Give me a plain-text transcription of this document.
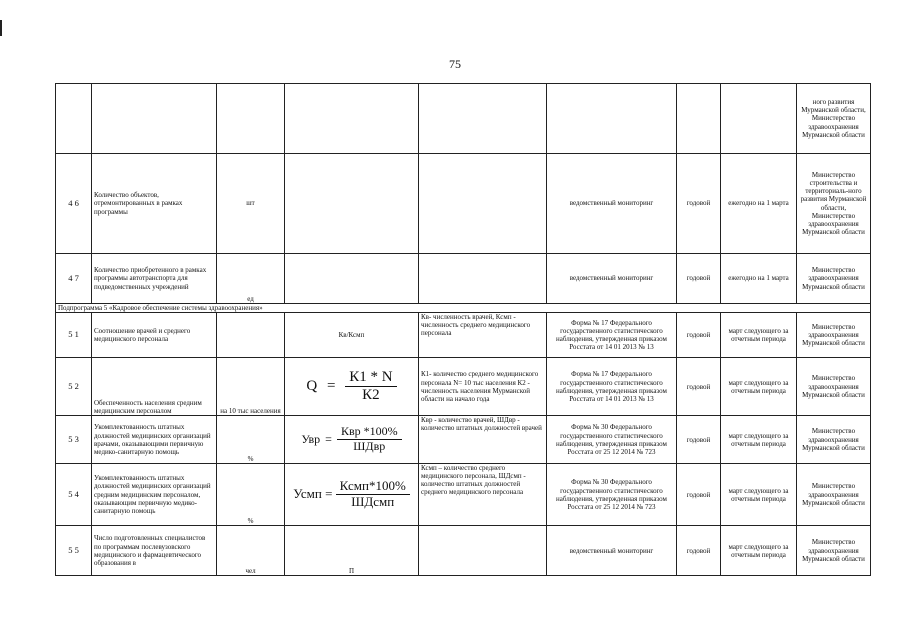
75
								ного развития Мурманской области, Министерство здравоохранения Мурманской области
4 6	Количество объектов, отремонтированных в рамках программы	шт			ведомственный мониторинг	годовой	ежегодно на 1 марта	Министерство строительства и территориаль-ного развития Мурманской области, Министерство здравоохранения Мурманской области
4 7	Количество приобретенного в рамках программы автотранспорта для подведомственных учреждений	ед			ведомственный мониторинг	годовой	ежегодно на 1 марта	Министерство здравоохранения Мурманской области
Подпрограмма 5 «Кадровое обеспечение системы здравоохранения»								
5 1	Соотношение врачей и среднего медицинского персонала		Кв/Ксмп	Кв- численность врачей, Ксмп - численность среднего медицинского персонала	Форма № 17 Федерального государственного статистического наблюдения, утвержденная приказом Росстата от 14 01 2013 № 13	годовой	март следующего за отчетным периода	Министерство здравоохранения Мурманской области
5 2	Обеспеченность населения средним медицинским персоналом	на 10 тыс населения	$Q = \frac{К1 * N}{К2}$	К1- количество среднего медицинского персонала N= 10 тыс населения К2 - численность населения Мурманской области на начало года	Форма № 17 Федерального государственного статистического наблюдения, утвержденная приказом Росстата от 14 01 2013 № 13	годовой	март следующего за отчетным периода	Министерство здравоохранения Мурманской области
5 3	Укомплектованность штатных должностей медицинских организаций врачами, оказывающими первичную медико-санитарную помощь	%	Увр = $\frac{\text{Квр *100\%}}{\text{ШДвр}}$	Квр - количество врачей, ШДвр - количество штатных должностей врачей	Форма № 30 Федерального государственного статистического наблюдения, утвержденная приказом Росстата от 25 12 2014 № 723	годовой	март следующего за отчетным периода	Министерство здравоохранения Мурманской области
5 4	Укомплектованность штатных должностей медицинских организаций средним медицинским персоналом, оказывающим первичную медико-санитарную помощь	%	Усмп = $\frac{\text{Ксмп*100\%}}{\text{ШДсмп}}$	Ксмп – количество среднего медицинского персонала, ШДсмп - количество штатных должностей среднего медицинского персонала	Форма № 30 Федерального государственного статистического наблюдения, утвержденная приказом Росстата от 25 12 2014 № 723	годовой	март следующего за отчетным периода	Министерство здравоохранения Мурманской области
5 5	Число подготовленных специалистов по программам послевузовского медицинского и фармацевтического образования в	чел	П		ведомственный мониторинг	годовой	март следующего за отчетным периода	Министерство здравоохранения Мурманской области
